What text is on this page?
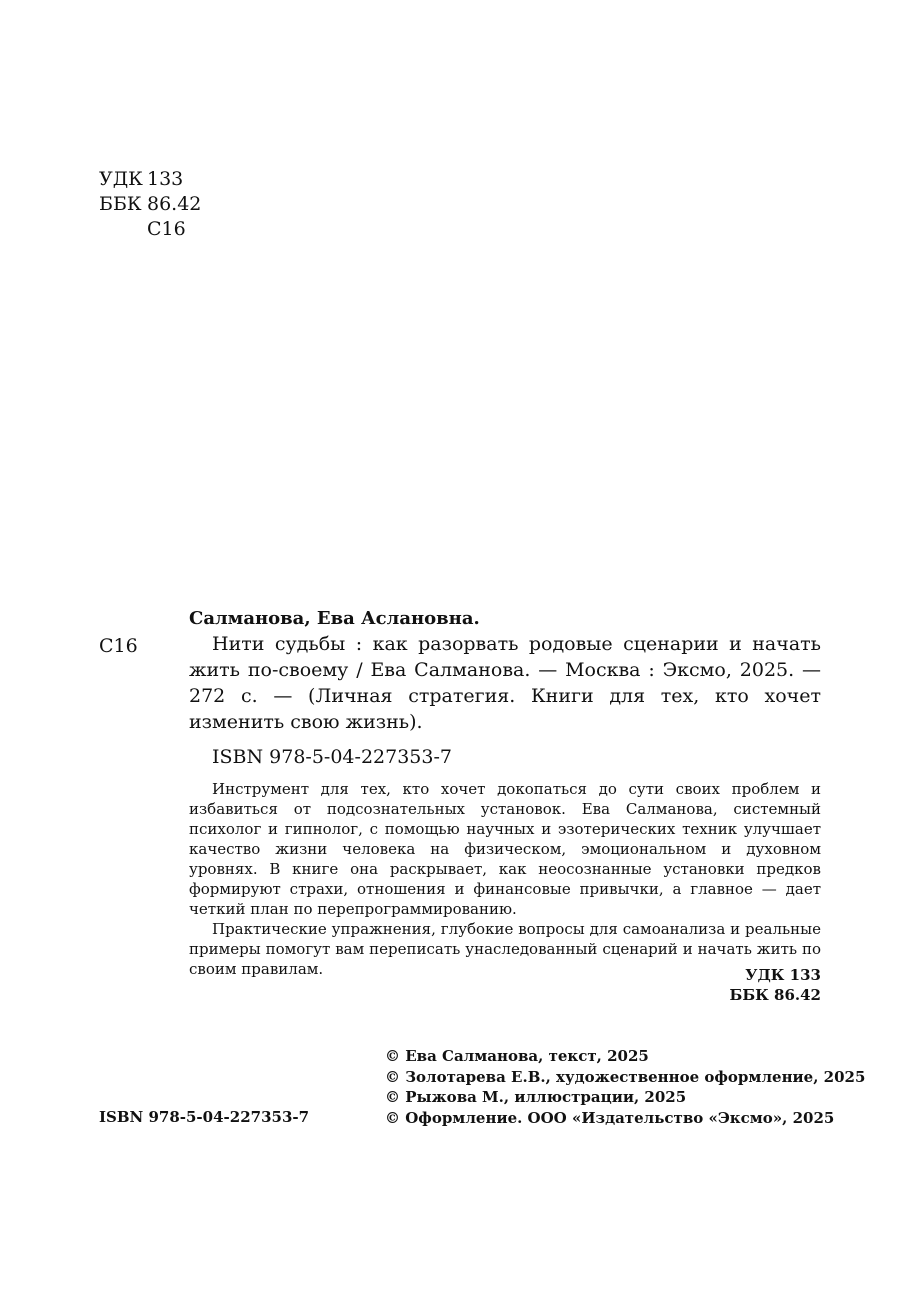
УДК 133
ББК 86.42
С16
Салманова, Ева Аслановна.
С16	Нити судьбы : как разорвать родовые сценарии и начать жить по-своему / Ева Салманова. — Москва : Эксмо, 2025. — 272 с. — (Личная стратегия. Книги для тех, кто хочет изменить свою жизнь).

ISBN 978-5-04-227353-7

Инструмент для тех, кто хочет докопаться до сути своих проблем и избавиться от подсознательных установок. Ева Салманова, системный психолог и гипнолог, с помощью научных и эзотерических техник улучшает качество жизни человека на физическом, эмоциональном и духовном уровнях. В книге она раскрывает, как неосознанные установки предков формируют страхи, отношения и финансовые привычки, а главное — дает четкий план по перепрограммированию.

Практические упражнения, глубокие вопросы для самоанализа и реальные примеры помогут вам переписать унаследованный сценарий и начать жить по своим правилам.	УДК 133
ББК 86.42
© Ева Салманова, текст, 2025
© Золотарева Е.В., художественное оформление, 2025
© Рыжова М., иллюстрации, 2025
© Оформление. ООО «Издательство «Эксмо», 2025
ISBN 978-5-04-227353-7
